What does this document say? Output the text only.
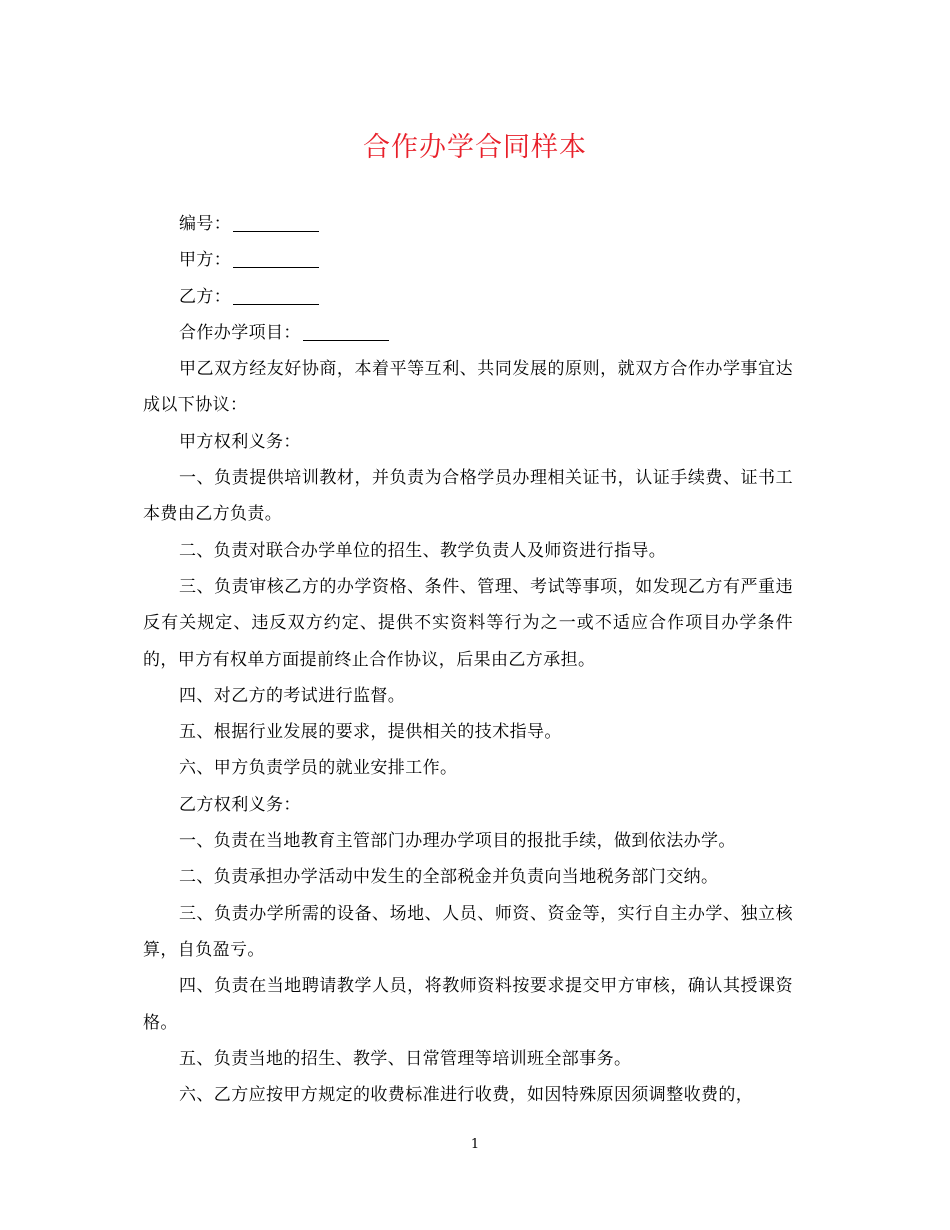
合作办学合同样本

编号：

甲方：

乙方：

合作办学项目：

甲乙双方经友好协商，本着平等互利、共同发展的原则，就双方合作办学事宜达成以下协议：

甲方权利义务：

一、负责提供培训教材，并负责为合格学员办理相关证书，认证手续费、证书工本费由乙方负责。

二、负责对联合办学单位的招生、教学负责人及师资进行指导。

三、负责审核乙方的办学资格、条件、管理、考试等事项，如发现乙方有严重违反有关规定、违反双方约定、提供不实资料等行为之一或不适应合作项目办学条件的，甲方有权单方面提前终止合作协议，后果由乙方承担。

四、对乙方的考试进行监督。

五、根据行业发展的要求，提供相关的技术指导。

六、甲方负责学员的就业安排工作。

乙方权利义务：

一、负责在当地教育主管部门办理办学项目的报批手续，做到依法办学。

二、负责承担办学活动中发生的全部税金并负责向当地税务部门交纳。

三、负责办学所需的设备、场地、人员、师资、资金等，实行自主办学、独立核算，自负盈亏。

四、负责在当地聘请教学人员，将教师资料按要求提交甲方审核，确认其授课资格。

五、负责当地的招生、教学、日常管理等培训班全部事务。

六、乙方应按甲方规定的收费标准进行收费，如因特殊原因须调整收费的，

1
